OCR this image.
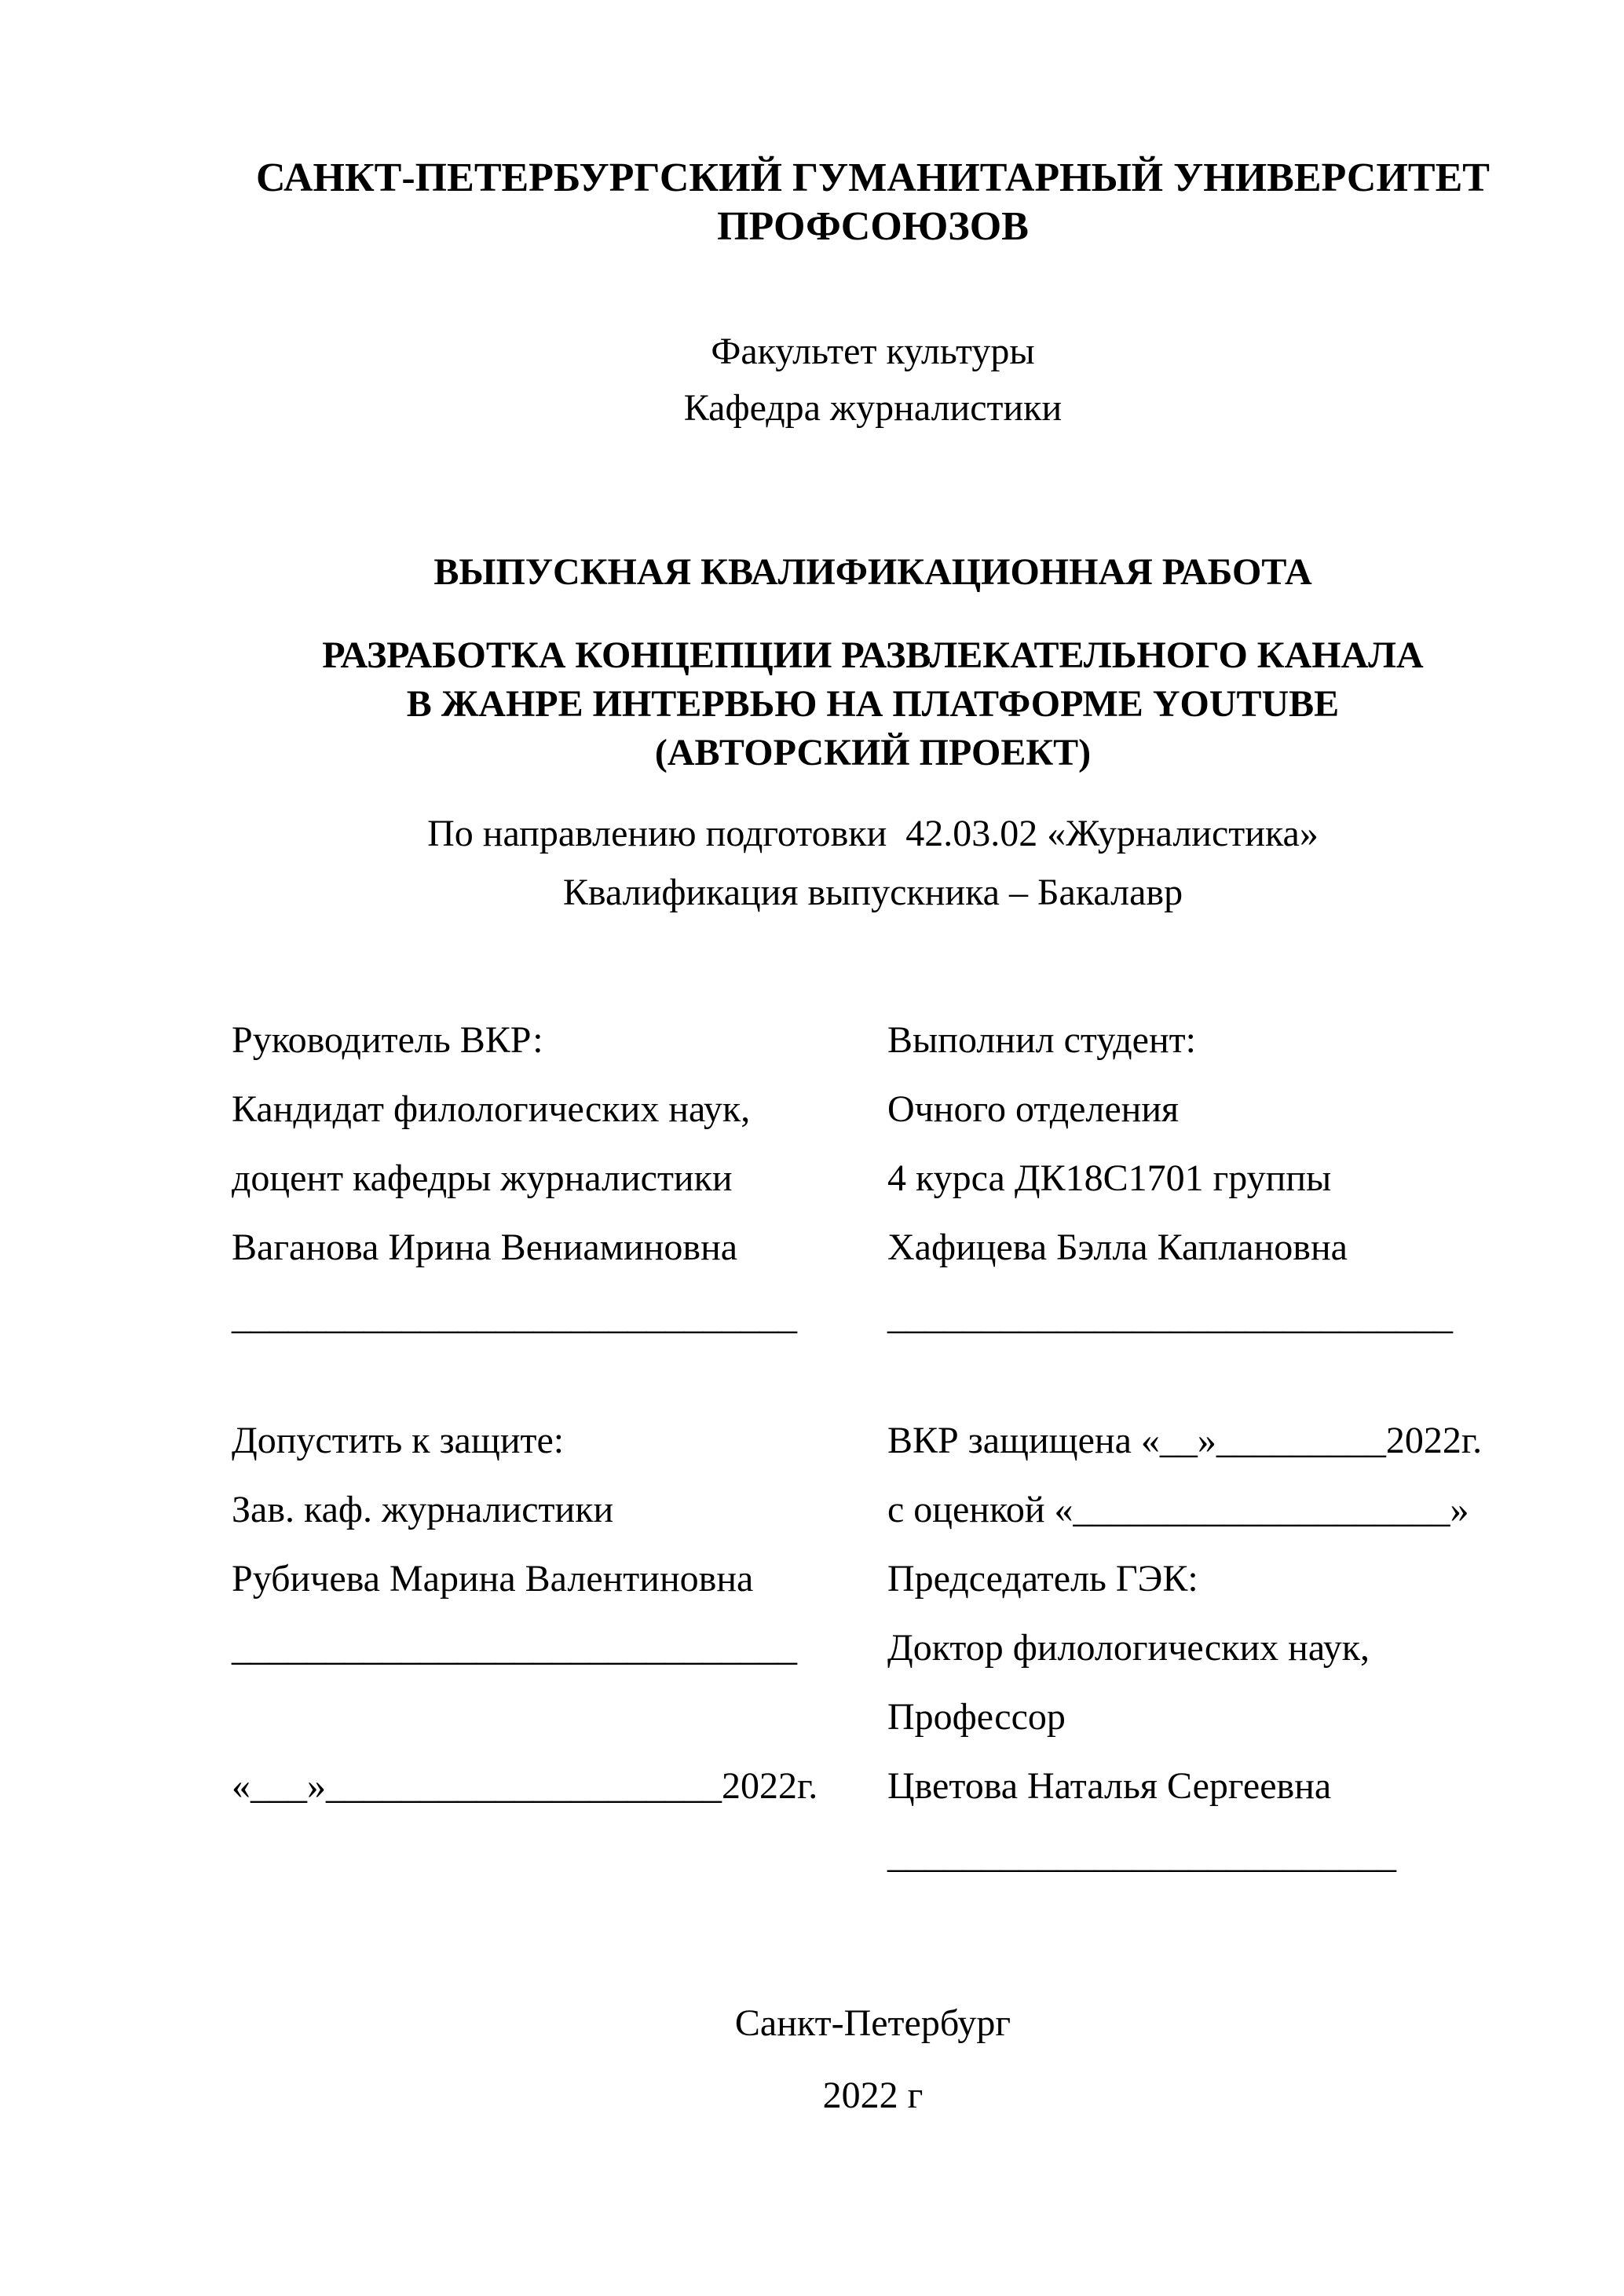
САНКТ-ПЕТЕРБУРГСКИЙ ГУМАНИТАРНЫЙ УНИВЕРСИТЕТ

ПРОФСОЮЗОВ

Факультет культуры

Кафедра журналистики

ВЫПУСКНАЯ КВАЛИФИКАЦИОННАЯ РАБОТА

РАЗРАБОТКА КОНЦЕПЦИИ РАЗВЛЕКАТЕЛЬНОГО КАНАЛА

В ЖАНРЕ ИНТЕРВЬЮ НА ПЛАТФОРМЕ YOUTUBE

(АВТОРСКИЙ ПРОЕКТ)

По направлению подготовки  42.03.02 «Журналистика»

Квалификация выпускника – Бакалавр

Руководитель ВКР:

Кандидат филологических наук,

доцент кафедры журналистики

Ваганова Ирина Вениаминовна

______________________________

Выполнил студент:

Очного отделения

4 курса ДК18С1701 группы

Хафицева Бэлла Каплановна

______________________________

Допустить к защите:

Зав. каф. журналистики

Рубичева Марина Валентиновна

______________________________

«___»_____________________2022г.

ВКР защищена «__»_________2022г.

с оценкой «____________________»

Председатель ГЭК:

Доктор филологических наук,

Профессор

Цветова Наталья Сергеевна

___________________________

Санкт-Петербург

2022 г
